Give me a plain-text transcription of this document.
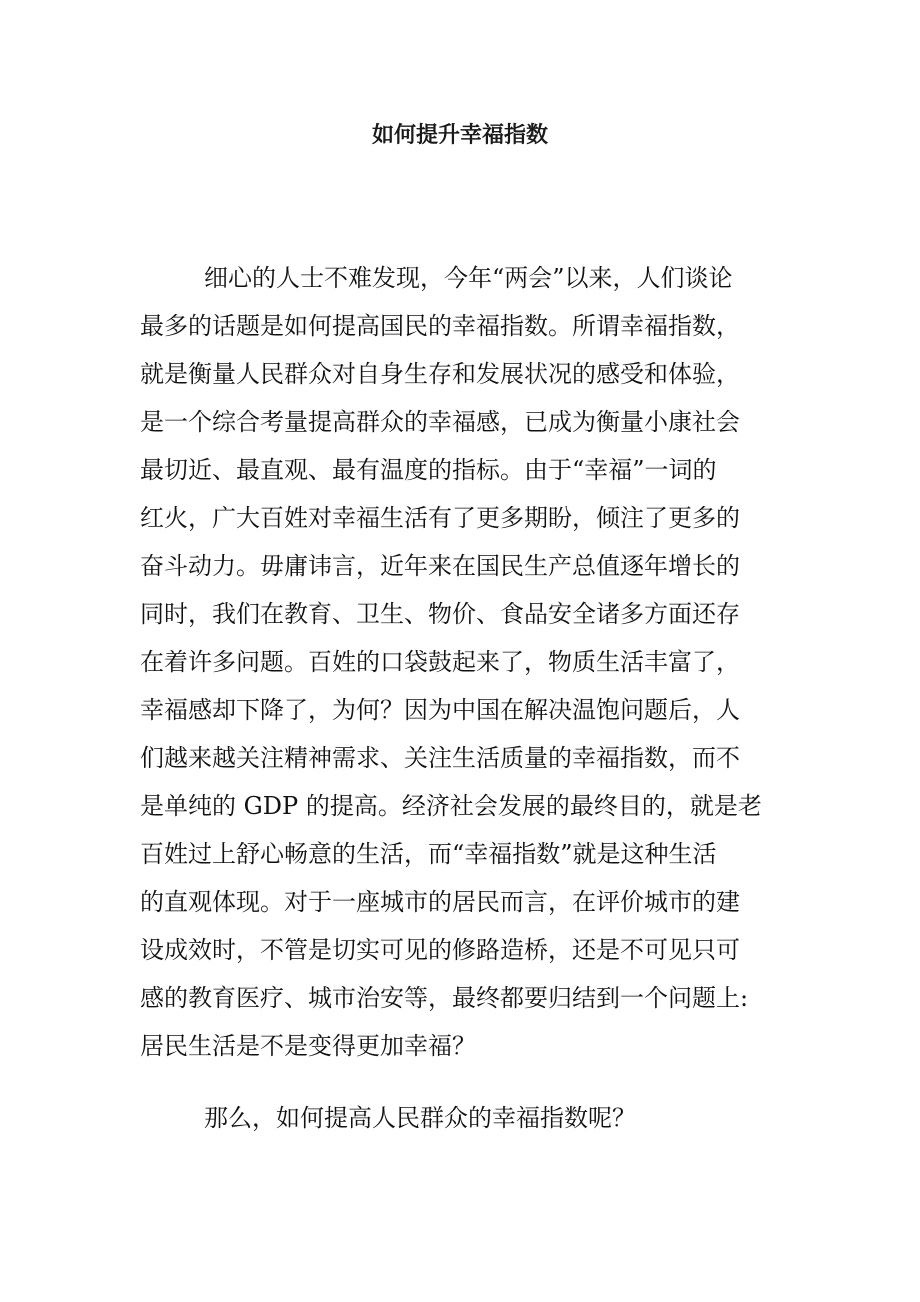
如何提升幸福指数
细心的人士不难发现，今年“两会”以来，人们谈论
最多的话题是如何提高国民的幸福指数。所谓幸福指数，
就是衡量人民群众对自身生存和发展状况的感受和体验，
是一个综合考量提高群众的幸福感，已成为衡量小康社会
最切近、最直观、最有温度的指标。由于“幸福”一词的
红火，广大百姓对幸福生活有了更多期盼，倾注了更多的
奋斗动力。毋庸讳言，近年来在国民生产总值逐年增长的
同时，我们在教育、卫生、物价、食品安全诸多方面还存
在着许多问题。百姓的口袋鼓起来了，物质生活丰富了，
幸福感却下降了，为何？因为中国在解决温饱问题后，人
们越来越关注精神需求、关注生活质量的幸福指数，而不
是单纯的 GDP 的提高。经济社会发展的最终目的，就是老
百姓过上舒心畅意的生活，而“幸福指数”就是这种生活
的直观体现。对于一座城市的居民而言，在评价城市的建
设成效时，不管是切实可见的修路造桥，还是不可见只可
感的教育医疗、城市治安等，最终都要归结到一个问题上:
居民生活是不是变得更加幸福？
那么，如何提高人民群众的幸福指数呢？
